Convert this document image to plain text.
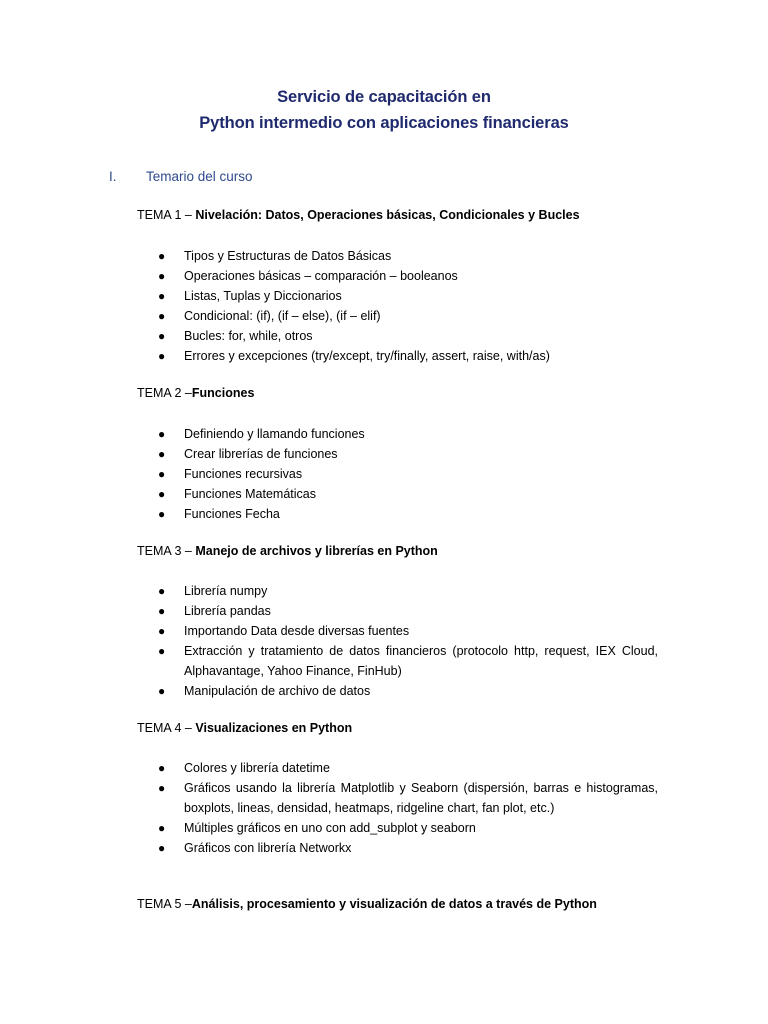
Servicio de capacitación en
Python intermedio con aplicaciones financieras
I. Temario del curso
TEMA 1 – Nivelación: Datos, Operaciones básicas, Condicionales y Bucles
● Tipos y Estructuras de Datos Básicas
● Operaciones básicas – comparación – booleanos
● Listas, Tuplas y Diccionarios
● Condicional: (if), (if – else), (if – elif)
● Bucles: for, while, otros
● Errores y excepciones (try/except, try/finally, assert, raise, with/as)
TEMA 2 –Funciones
● Definiendo y llamando funciones
● Crear librerías de funciones
● Funciones recursivas
● Funciones Matemáticas
● Funciones Fecha
TEMA 3 – Manejo de archivos y librerías en Python
● Librería numpy
● Librería pandas
● Importando Data desde diversas fuentes
● Extracción y tratamiento de datos financieros (protocolo http, request, IEX Cloud, Alphavantage, Yahoo Finance, FinHub)
● Manipulación de archivo de datos
TEMA 4 – Visualizaciones en Python
● Colores y librería datetime
● Gráficos usando la librería Matplotlib y Seaborn (dispersión, barras e histogramas, boxplots, lineas, densidad, heatmaps, ridgeline chart, fan plot, etc.)
● Múltiples gráficos en uno con add_subplot y seaborn
● Gráficos con librería Networkx
TEMA 5 –Análisis, procesamiento y visualización de datos a través de Python
